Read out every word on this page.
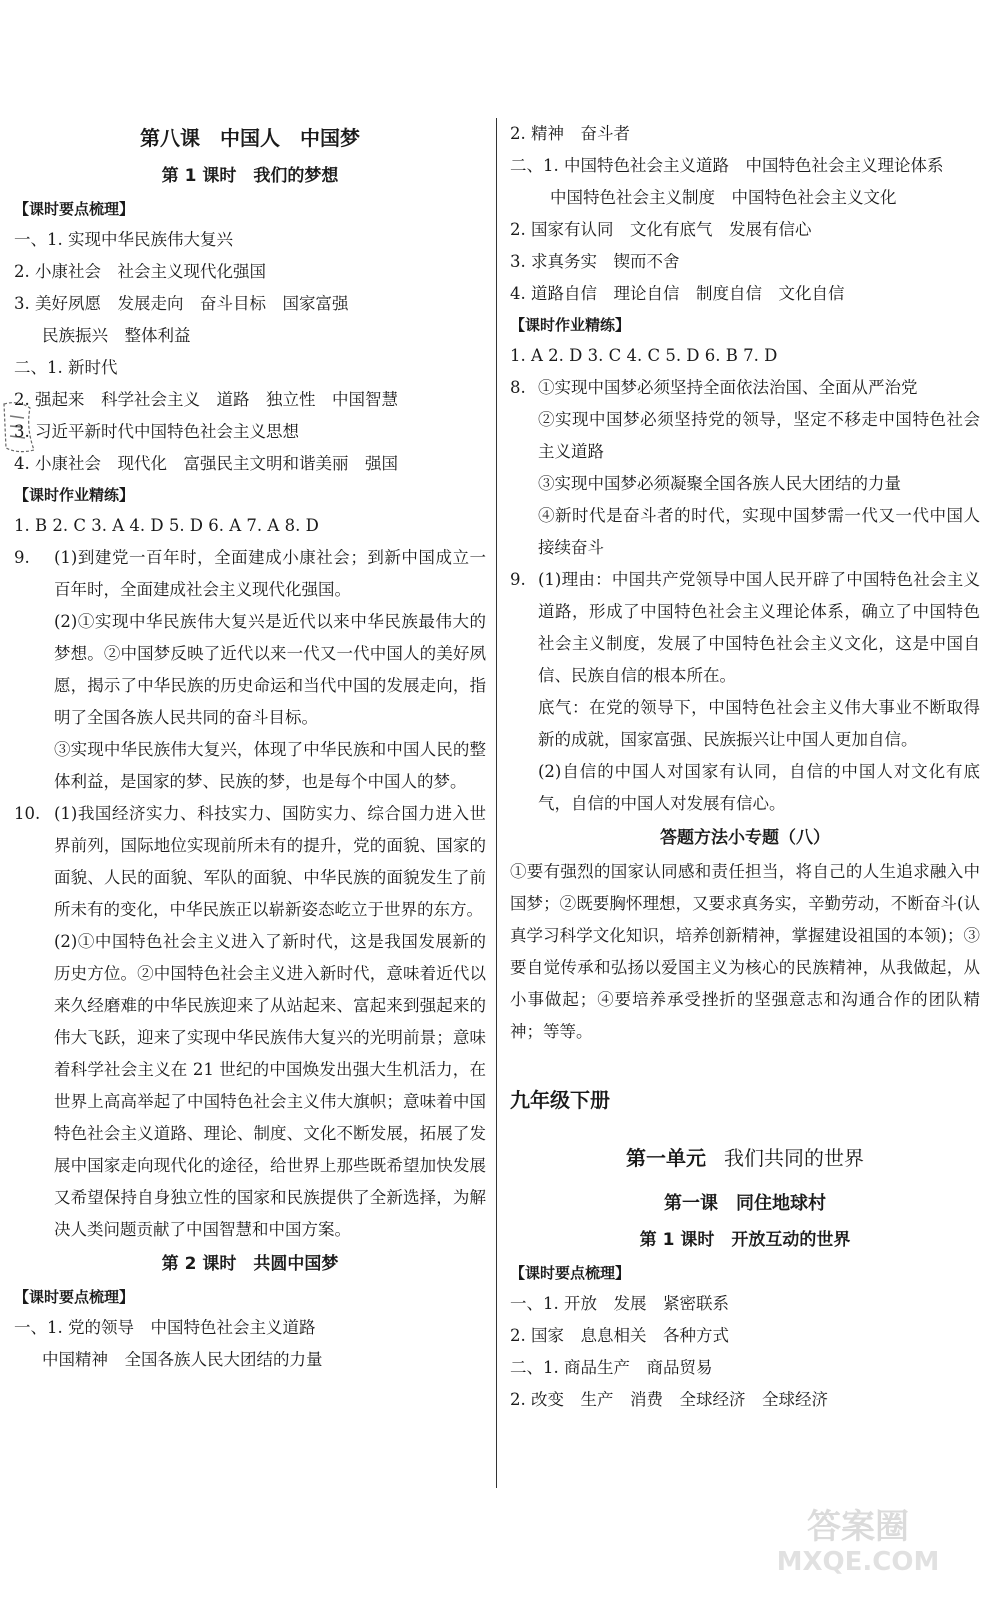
第八课　中国人　中国梦
第 1 课时　我们的梦想
【课时要点梳理】
一、1. 实现中华民族伟大复兴
2. 小康社会　社会主义现代化强国
3. 美好夙愿　发展走向　奋斗目标　国家富强
民族振兴　整体利益
二、1. 新时代
2. 强起来　科学社会主义　道路　独立性　中国智慧
3. 习近平新时代中国特色社会主义思想
4. 小康社会　现代化　富强民主文明和谐美丽　强国
【课时作业精练】
1. B 2. C 3. A 4. D 5. D 6. A 7. A 8. D
9.	(1)到建党一百年时，全面建成小康社会；到新中国成立一百年时，全面建成社会主义现代化强国。
(2)①实现中华民族伟大复兴是近代以来中华民族最伟大的梦想。②中国梦反映了近代以来一代又一代中国人的美好夙愿，揭示了中华民族的历史命运和当代中国的发展走向，指明了全国各族人民共同的奋斗目标。
③实现中华民族伟大复兴，体现了中华民族和中国人民的整体利益，是国家的梦、民族的梦，也是每个中国人的梦。
10. (1)我国经济实力、科技实力、国防实力、综合国力进入世界前列，国际地位实现前所未有的提升，党的面貌、国家的面貌、人民的面貌、军队的面貌、中华民族的面貌发生了前所未有的变化，中华民族正以崭新姿态屹立于世界的东方。
(2)①中国特色社会主义进入了新时代，这是我国发展新的历史方位。②中国特色社会主义进入新时代，意味着近代以来久经磨难的中华民族迎来了从站起来、富起来到强起来的伟大飞跃，迎来了实现中华民族伟大复兴的光明前景；意味着科学社会主义在 21 世纪的中国焕发出强大生机活力，在世界上高高举起了中国特色社会主义伟大旗帜；意味着中国特色社会主义道路、理论、制度、文化不断发展，拓展了发展中国家走向现代化的途径，给世界上那些既希望加快发展又希望保持自身独立性的国家和民族提供了全新选择，为解决人类问题贡献了中国智慧和中国方案。
第 2 课时　共圆中国梦
【课时要点梳理】
一、1. 党的领导　中国特色社会主义道路
中国精神　全国各族人民大团结的力量
2. 精神　奋斗者
二、1. 中国特色社会主义道路　中国特色社会主义理论体系
中国特色社会主义制度　中国特色社会主义文化
2. 国家有认同　文化有底气　发展有信心
3. 求真务实　锲而不舍
4. 道路自信　理论自信　制度自信　文化自信
【课时作业精练】
1. A 2. D 3. C 4. C 5. D 6. B 7. D
8. ①实现中国梦必须坚持全面依法治国、全面从严治党
②实现中国梦必须坚持党的领导，坚定不移走中国特色社会主义道路
③实现中国梦必须凝聚全国各族人民大团结的力量
④新时代是奋斗者的时代，实现中国梦需一代又一代中国人接续奋斗
9. (1)理由：中国共产党领导中国人民开辟了中国特色社会主义道路，形成了中国特色社会主义理论体系，确立了中国特色社会主义制度，发展了中国特色社会主义文化，这是中国自信、民族自信的根本所在。
底气：在党的领导下，中国特色社会主义伟大事业不断取得新的成就，国家富强、民族振兴让中国人更加自信。
(2)自信的中国人对国家有认同，自信的中国人对文化有底气，自信的中国人对发展有信心。
答题方法小专题（八）
①要有强烈的国家认同感和责任担当，将自己的人生追求融入中国梦；②既要胸怀理想，又要求真务实，辛勤劳动，不断奋斗(认真学习科学文化知识，培养创新精神，掌握建设祖国的本领)；③要自觉传承和弘扬以爱国主义为核心的民族精神，从我做起，从小事做起；④要培养承受挫折的坚强意志和沟通合作的团队精神；等等。
九年级下册
第一单元 我们共同的世界
第一课　同住地球村
第 1 课时　开放互动的世界
【课时要点梳理】
一、1. 开放　发展　紧密联系
2. 国家　息息相关　各种方式
二、1. 商品生产　商品贸易
2. 改变　生产　消费　全球经济　全球经济
答案圈
MXQE.COM
